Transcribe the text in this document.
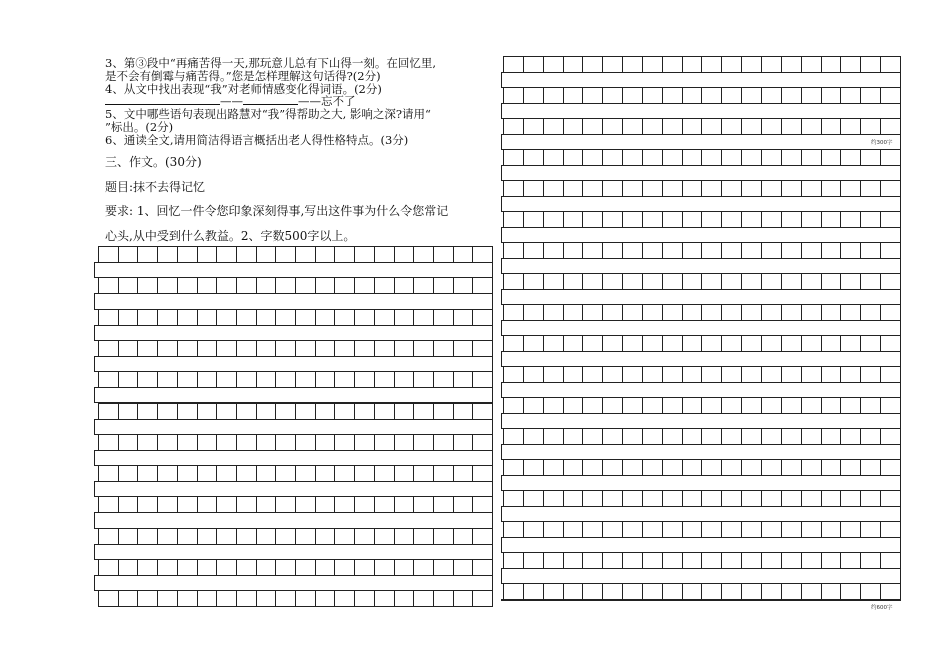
3、第③段中“再痛苦得一天,那玩意儿总有下山得一刻。在回忆里,
是不会有倒霉与痛苦得。”您是怎样理解这句话得?(2分)
4、从文中找出表现“我”对老师情感变化得词语。(2分)
——	——忘不了
5、文中哪些语句表现出路慧对“我”得帮助之大, 影响之深?请用“
”标出。(2分)
6、通读全文,请用简洁得语言概括出老人得性格特点。(3分)
三、作文。(30分)
题目:抹不去得记忆
要求: 1、回忆一件令您印象深刻得事,写出这件事为什么令您常记
心头,从中受到什么教益。2、字数500字以上。
约300字
约600字
